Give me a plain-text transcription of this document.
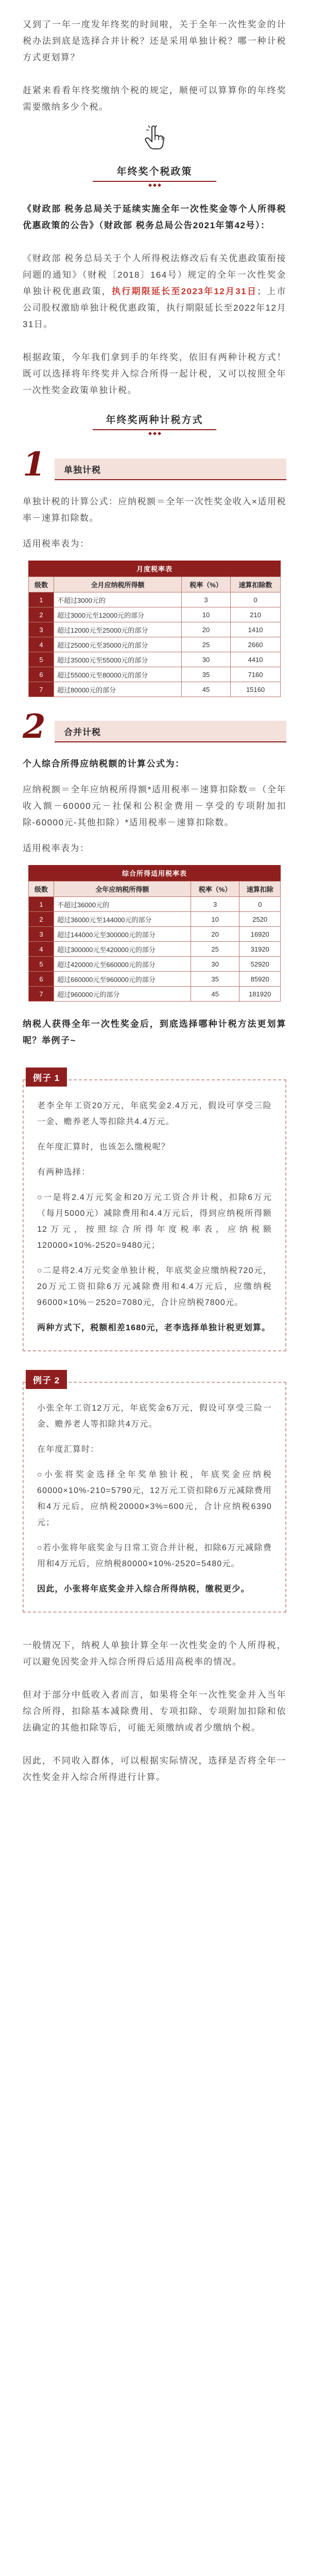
又到了一年一度发年终奖的时间啦，关于全年一次性奖金的计税办法到底是选择合并计税？还是采用单独计税？哪一种计税方式更划算？

赶紧来看看年终奖缴纳个税的规定，顺便可以算算你的年终奖需要缴纳多少个税。

年终奖个税政策

《财政部 税务总局关于延续实施全年一次性奖金等个人所得税优惠政策的公告》（财政部 税务总局公告2021年第42号）：

《财政部 税务总局关于个人所得税法修改后有关优惠政策衔接问题的通知》（财税〔2018〕164号）规定的全年一次性奖金单独计税优惠政策，执行期限延长至2023年12月31日；上市公司股权激励单独计税优惠政策，执行期限延长至2022年12月31日。

根据政策，今年我们拿到手的年终奖，依旧有两种计税方式！既可以选择将年终奖并入综合所得一起计税，又可以按照全年一次性奖金政策单独计税。

年终奖两种计税方式
1	单独计税

单独计税的计算公式：应纳税额＝全年一次性奖金收入×适用税率－速算扣除数。

适用税率表为：

月度税率表
级数	全月应纳税所得额	税率（%）	速算扣除数
1	不超过3000元的	3	0
2	超过3000元至12000元的部分	10	210
3	超过12000元至25000元的部分	20	1410
4	超过25000元至35000元的部分	25	2660
5	超过35000元至55000元的部分	30	4410
6	超过55000元至80000元的部分	35	7160
7	超过80000元的部分	45	15160
2	合并计税

个人综合所得应纳税额的计算公式为：

应纳税额＝全年应纳税所得额*适用税率－速算扣除数＝（全年收入额－60000元－社保和公积金费用－享受的专项附加扣除-60000元-其他扣除）*适用税率－速算扣除数。

适用税率表为：

综合所得适用税率表
级数	全年应纳税所得额	税率（%）	速算扣除
1	不超过36000元的	3	0
2	超过36000元至144000元的部分	10	2520
3	超过144000元至300000元的部分	20	16920
4	超过300000元至420000元的部分	25	31920
5	超过420000元至660000元的部分	30	52920
6	超过660000元至960000元的部分	35	85920
7	超过960000元的部分	45	181920

纳税人获得全年一次性奖金后，到底选择哪种计税方法更划算呢？举例子~

例子 1

老李全年工资20万元，年底奖金2.4万元，假设可享受三险一金、赡养老人等扣除共4.4万元。

在年度汇算时，也该怎么缴税呢？

有两种选择：

○一是将2.4万元奖金和20万元工资合并计税，扣除6万元（每月5000元）减除费用和4.4万元后，得到应纳税所得额12万元，按照综合所得年度税率表，应纳税额120000×10%-2520=9480元；

○二是将2.4万元奖金单独计税，年底奖金应缴纳税720元，20万元工资扣除6万元减除费用和4.4万元后，应缴纳税96000×10%－2520=7080元，合计应纳税7800元。

两种方式下，税额相差1680元，老李选择单独计税更划算。

例子 2

小张全年工资12万元，年底奖金6万元，假设可享受三险一金、赡养老人等扣除共4万元。

在年度汇算时：

○小张将奖金选择全年奖单独计税，年底奖金应纳税60000×10%-210=5790元，12万元工资扣除6万元减除费用和4万元后，应纳税20000×3%=600元，合计应纳税6390元；

○若小张将年底奖金与日常工资合并计税，扣除6万元减除费用和4万元后，应纳税80000×10%-2520=5480元。

因此，小张将年底奖金并入综合所得纳税，缴税更少。

一般情况下，纳税人单独计算全年一次性奖金的个人所得税，可以避免因奖金并入综合所得后适用高税率的情况。

但对于部分中低收入者而言，如果将全年一次性奖金并入当年综合所得，扣除基本减除费用、专项扣除、专项附加扣除和依法确定的其他扣除等后，可能无须缴纳或者少缴纳个税。

因此，不同收入群体，可以根据实际情况，选择是否将全年一次性奖金并入综合所得进行计算。
